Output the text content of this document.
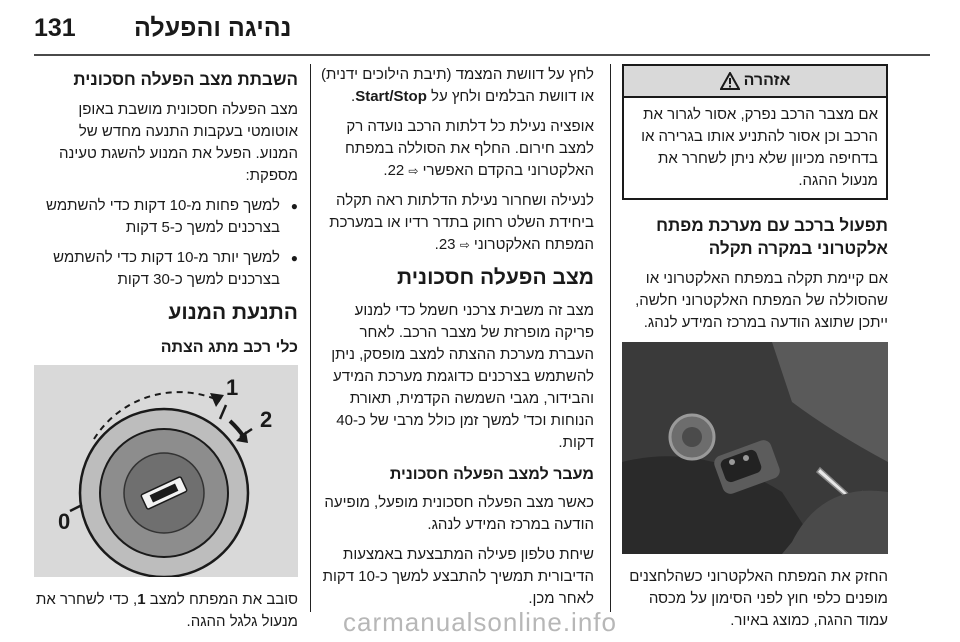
131 נהיגה והפעלה
אזהרה
אם מצבר הרכב נפרק, אסור לגרור את הרכב וכן אסור להתניע אותו בגרירה או בדחיפה מכיוון שלא ניתן לשחרר את מנעול ההגה.
תפעול ברכב עם מערכת מפתח אלקטרוני במקרה תקלה

אם קיימת תקלה במפתח האלקטרוני או שהסוללה של המפתח האלקטרוני חלשה, ייתכן שתוצג הודעה במרכז המידע לנהג.

החזק את המפתח האלקטרוני כשהלחצנים מופנים כלפי חוץ לפני הסימון על מכסה עמוד ההגה, כמוצג באיור.

לחץ על דוושת המצמד (תיבת הילוכים ידנית) או דוושת הבלמים ולחץ על Start/Stop.

אופציה נעילת כל דלתות הרכב נועדה רק למצב חירום. החלף את הסוללה במפתח האלקטרוני בהקדם האפשרי ⇨ 22.

לנעילה ושחרור נעילת הדלתות ראה תקלה ביחידת השלט רחוק בתדר רדיו או במערכת המפתח האלקטרוני ⇨ 23.

מצב הפעלה חסכונית

מצב זה משבית צרכני חשמל כדי למנוע פריקה מופרזת של מצבר הרכב. לאחר העברת מערכת ההצתה למצב מופסק, ניתן להשתמש בצרכנים כדוגמת מערכת המידע והבידור, מגבי השמשה הקדמית, תאורת הנוחות וכד' למשך זמן כולל מרבי של כ-40 דקות.

מעבר למצב הפעלה חסכונית

כאשר מצב הפעלה חסכונית מופעל, מופיעה הודעה במרכז המידע לנהג.

שיחת טלפון פעילה המתבצעת באמצעות הדיבורית תמשיך להתבצע למשך כ-10 דקות לאחר מכן.

השבתת מצב הפעלה חסכונית

מצב הפעלה חסכונית מושבת באופן אוטומטי בעקבות התנעה מחדש של המנוע. הפעל את המנוע להשגת טעינה מספקת:

● למשך פחות מ-10 דקות כדי להשתמש בצרכנים למשך כ-5 דקות
● למשך יותר מ-10 דקות כדי להשתמש בצרכנים למשך כ-30 דקות
התנעת המנוע
כלי רכב מתג הצתה
0
1
2

סובב את המפתח למצב 1, כדי לשחרר את מנעול גלגל ההגה.	carmanualsonline.info
